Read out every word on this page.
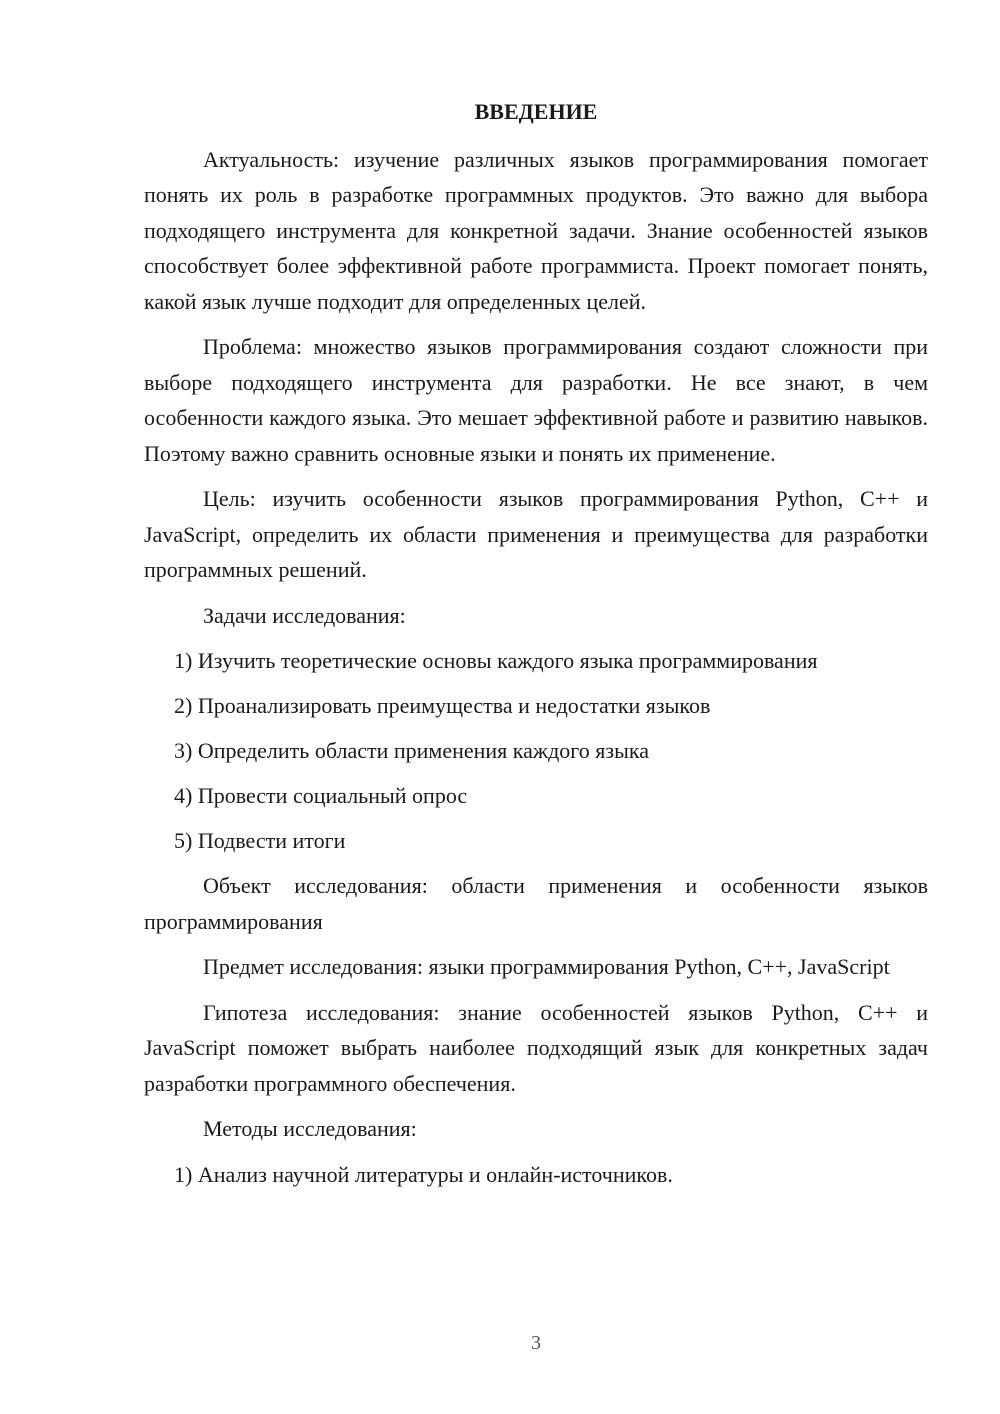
ВВЕДЕНИЕ

Актуальность: изучение различных языков программирования помогает понять их роль в разработке программных продуктов. Это важно для выбора подходящего инструмента для конкретной задачи. Знание особенностей языков способствует более эффективной работе программиста. Проект помогает понять, какой язык лучше подходит для определенных целей.

Проблема: множество языков программирования создают сложности при выборе подходящего инструмента для разработки. Не все знают, в чем особенности каждого языка. Это мешает эффективной работе и развитию навыков. Поэтому важно сравнить основные языки и понять их применение.

Цель: изучить особенности языков программирования Python, C++ и JavaScript, определить их области применения и преимущества для разработки программных решений.

Задачи исследования:
1) Изучить теоретические основы каждого языка программирования
2) Проанализировать преимущества и недостатки языков
3) Определить области применения каждого языка
4) Провести социальный опрос
5) Подвести итоги

Объект исследования: области применения и особенности языков программирования

Предмет исследования: языки программирования Python, C++, JavaScript

Гипотеза исследования: знание особенностей языков Python, C++ и JavaScript поможет выбрать наиболее подходящий язык для конкретных задач разработки программного обеспечения.

Методы исследования:
1) Анализ научной литературы и онлайн-источников.
3
